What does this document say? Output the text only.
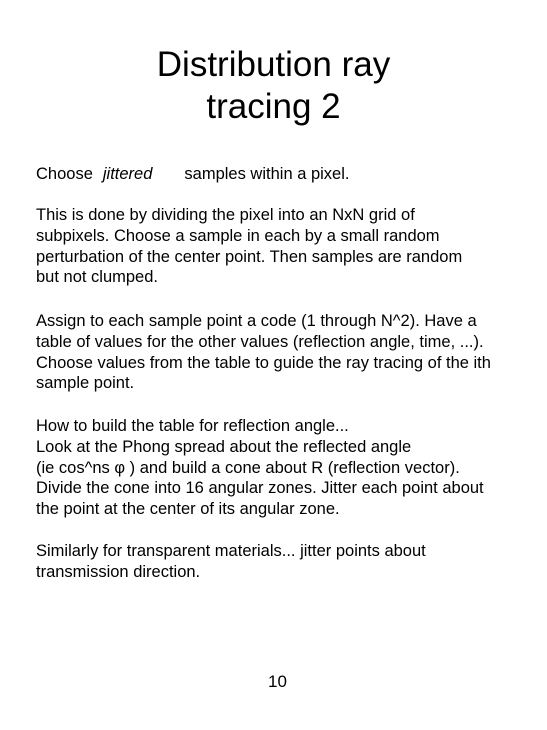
Distribution ray
tracing 2
Choose jittered samples within a pixel.
This is done by dividing the pixel into an NxN grid of
subpixels. Choose a sample in each by a small random
perturbation of the center point. Then samples are random
but not clumped.
Assign to each sample point a code (1 through N^2). Have a
table of values for the other values (reflection angle, time, ...).
Choose values from the table to guide the ray tracing of the ith
sample point.
How to build the table for reflection angle...
Look at the Phong spread about the reflected angle
(ie cos^ns φ ) and build a cone about R (reflection vector).
Divide the cone into 16 angular zones. Jitter each point about
the point at the center of its angular zone.
Similarly for transparent materials... jitter points about
transmission direction.
10
